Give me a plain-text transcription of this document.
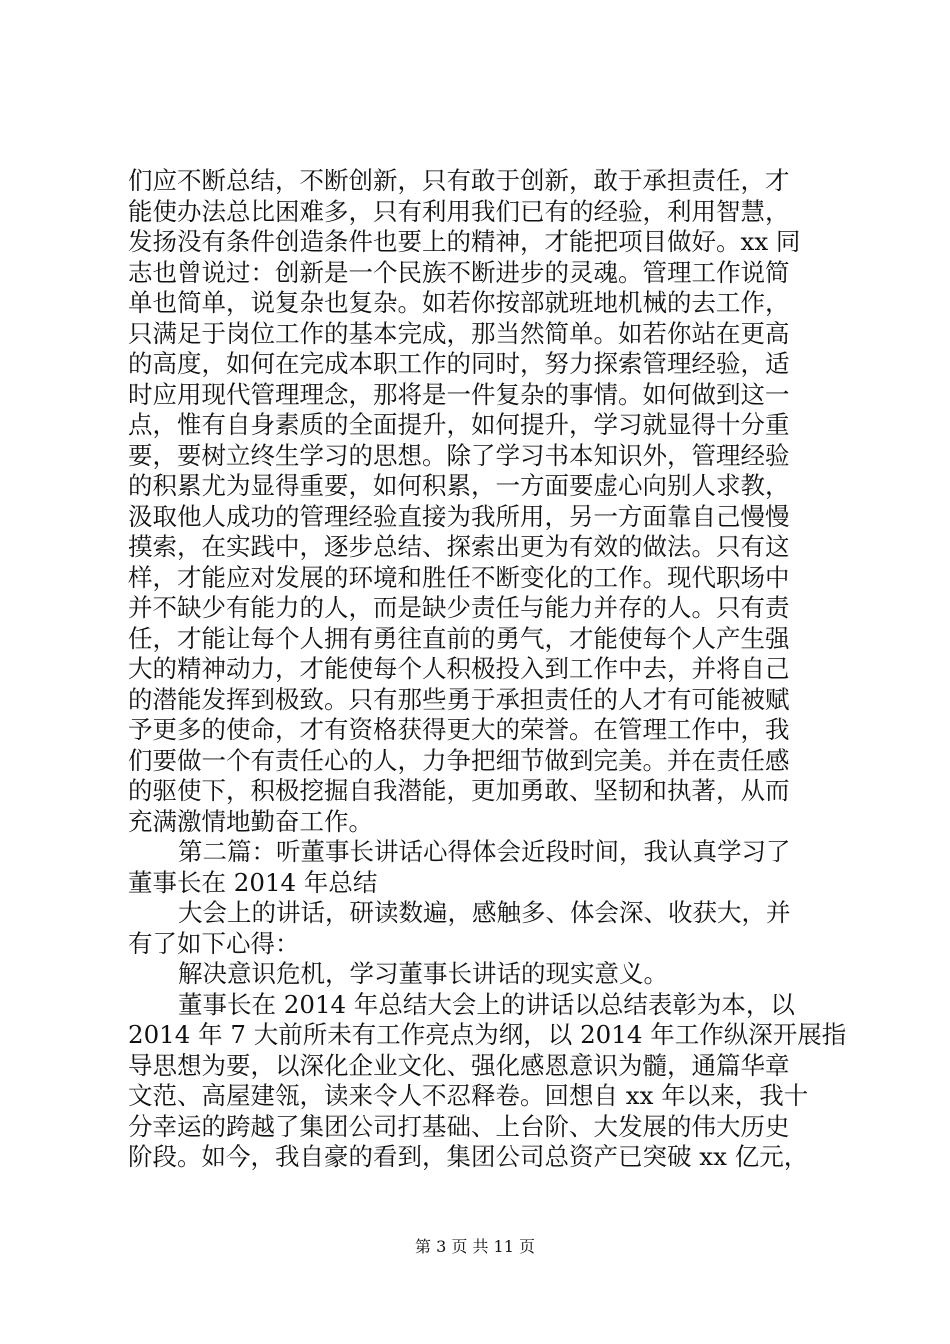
们应不断总结，不断创新，只有敢于创新，敢于承担责任，才
能使办法总比困难多，只有利用我们已有的经验，利用智慧，
发扬没有条件创造条件也要上的精神，才能把项目做好。xx 同
志也曾说过：创新是一个民族不断进步的灵魂。管理工作说简
单也简单，说复杂也复杂。如若你按部就班地机械的去工作，
只满足于岗位工作的基本完成，那当然简单。如若你站在更高
的高度，如何在完成本职工作的同时，努力探索管理经验，适
时应用现代管理理念，那将是一件复杂的事情。如何做到这一
点，惟有自身素质的全面提升，如何提升，学习就显得十分重
要，要树立终生学习的思想。除了学习书本知识外，管理经验
的积累尤为显得重要，如何积累，一方面要虚心向别人求教，
汲取他人成功的管理经验直接为我所用，另一方面靠自己慢慢
摸索，在实践中，逐步总结、探索出更为有效的做法。只有这
样，才能应对发展的环境和胜任不断变化的工作。现代职场中
并不缺少有能力的人，而是缺少责任与能力并存的人。只有责
任，才能让每个人拥有勇往直前的勇气，才能使每个人产生强
大的精神动力，才能使每个人积极投入到工作中去，并将自己
的潜能发挥到极致。只有那些勇于承担责任的人才有可能被赋
予更多的使命，才有资格获得更大的荣誉。在管理工作中，我
们要做一个有责任心的人，力争把细节做到完美。并在责任感
的驱使下，积极挖掘自我潜能，更加勇敢、坚韧和执著，从而
充满激情地勤奋工作。
第二篇：听董事长讲话心得体会近段时间，我认真学习了
董事长在 2014 年总结
大会上的讲话，研读数遍，感触多、体会深、收获大，并
有了如下心得：
解决意识危机，学习董事长讲话的现实意义。
董事长在 2014 年总结大会上的讲话以总结表彰为本，以
2014 年 7 大前所未有工作亮点为纲，以 2014 年工作纵深开展指
导思想为要，以深化企业文化、强化感恩意识为髓，通篇华章
文范、高屋建瓴，读来令人不忍释卷。回想自 xx 年以来，我十
分幸运的跨越了集团公司打基础、上台阶、大发展的伟大历史
阶段。如今，我自豪的看到，集团公司总资产已突破 xx 亿元，
第 3 页 共 11 页
